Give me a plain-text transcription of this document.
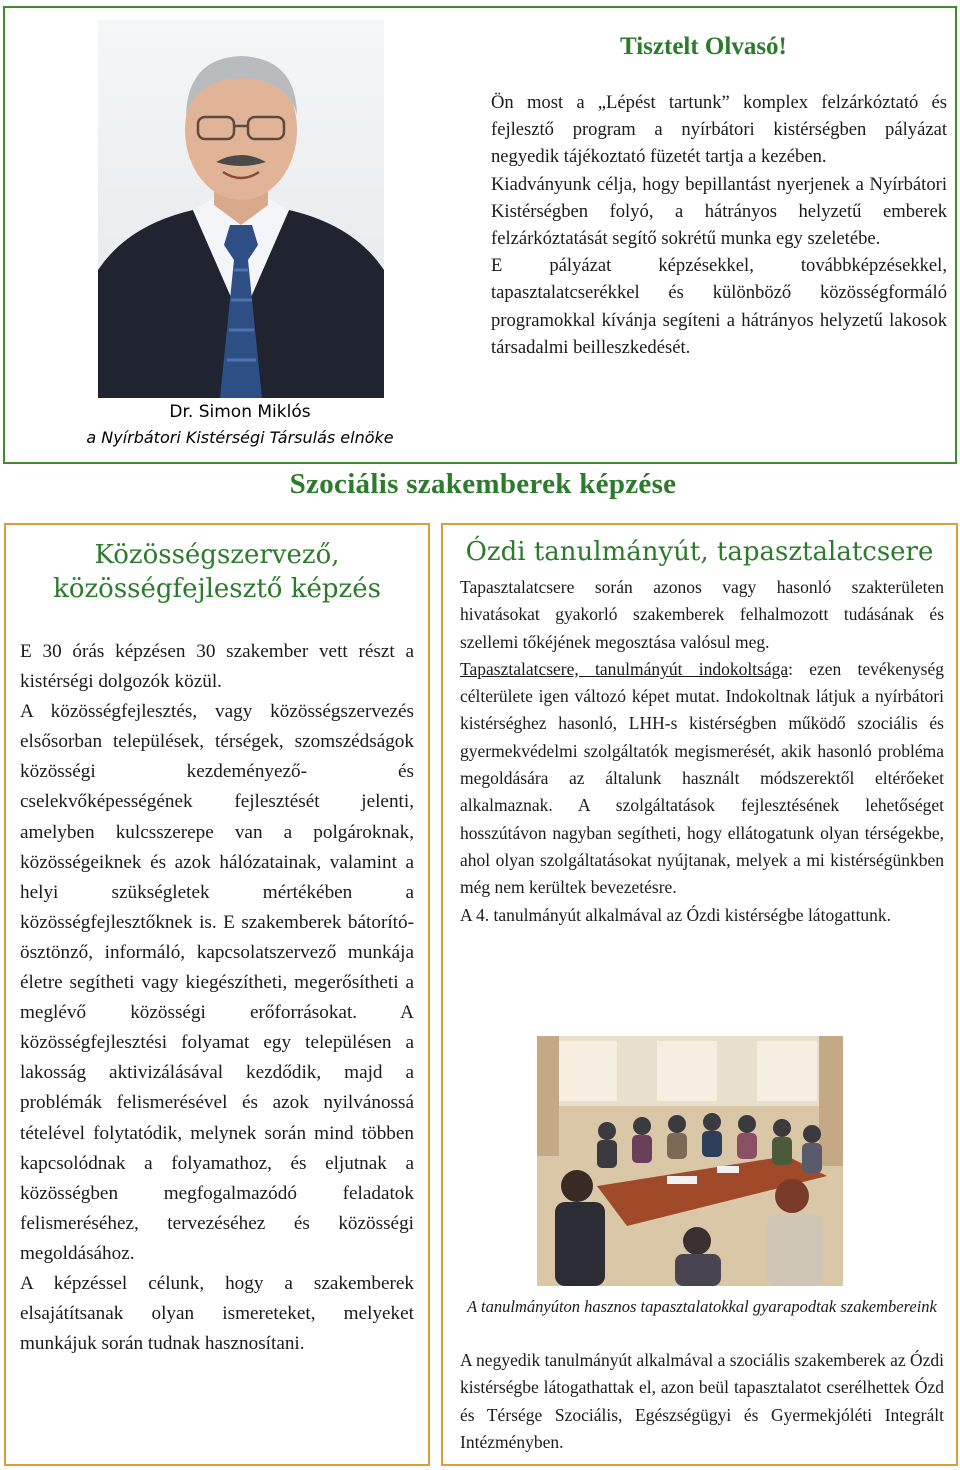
Dr. Simon Miklós
a Nyírbátori Kistérségi Társulás elnöke
Tisztelt Olvasó!

Ön most a „Lépést tartunk” komplex felzárkóztató és fejlesztő program a nyírbátori kistérségben pályázat negyedik tájékoztató füzetét tartja a kezében.

Kiadványunk célja, hogy bepillantást nyerjenek a Nyírbátori Kistérségben folyó, a hátrányos helyzetű emberek felzárkóztatását segítő sokrétű munka egy szeletébe.

E pályázat képzésekkel, továbbképzésekkel, tapasztalatcserékkel és különböző közösségformáló programokkal kívánja segíteni a hátrányos helyzetű lakosok társadalmi beilleszkedését.

Szociális szakemberek képzése
Közösségszervező, közösségfejlesztő képzés

E 30 órás képzésen 30 szakember vett részt a kistérségi dolgozók közül.

A közösségfejlesztés, vagy közösségszervezés elsősorban települések, térségek, szomszédságok közösségi kezdeményező- és cselekvőképességének fejlesztését jelenti, amelyben kulcsszerepe van a polgároknak, közösségeiknek és azok hálózatainak, valamint a helyi szükségletek mértékében a közösségfejlesztőknek is. E szakemberek bátorító-ösztönző, informáló, kapcsolatszervező munkája életre segítheti vagy kiegészítheti, megerősítheti a meglévő közösségi erőforrásokat. A közösségfejlesztési folyamat egy településen a lakosság aktivizálásával kezdődik, majd a problémák felismerésével és azok nyilvánossá tételével folytatódik, melynek során mind többen kapcsolódnak a folyamathoz, és eljutnak a közösségben megfogalmazódó feladatok felismeréséhez, tervezéséhez és közösségi megoldásához.

A képzéssel célunk, hogy a szakemberek elsajátítsanak olyan ismereteket, melyeket munkájuk során tudnak hasznosítani.

Ózdi tanulmányút, tapasztalatcsere

Tapasztalatcsere során azonos vagy hasonló szakterületen hivatásokat gyakorló szakemberek felhalmozott tudásának és szellemi tőkéjének megosztása valósul meg.

Tapasztalatcsere, tanulmányút indokoltsága: ezen tevékenység célterülete igen változó képet mutat. Indokoltnak látjuk a nyírbátori kistérséghez hasonló, LHH-s kistérségben működő szociális és gyermekvédelmi szolgáltatók megismerését, akik hasonló probléma megoldására az általunk használt módszerektől eltérőeket alkalmaznak. A szolgáltatások fejlesztésének lehetőséget hosszútávon nagyban segítheti, hogy ellátogatunk olyan térségekbe, ahol olyan szolgáltatásokat nyújtanak, melyek a mi kistérségünkben még nem kerültek bevezetésre.

A 4. tanulmányút alkalmával az Ózdi kistérségbe látogattunk.

A tanulmányúton hasznos tapasztalatokkal gyarapodtak szakembereink
A negyedik tanulmányút alkalmával a szociális szakemberek az Ózdi kistérségbe látogathattak el, azon beül tapasztalatot cserélhettek Ózd és Térsége Szociális, Egészségügyi és Gyermekjóléti Integrált Intézményben.
